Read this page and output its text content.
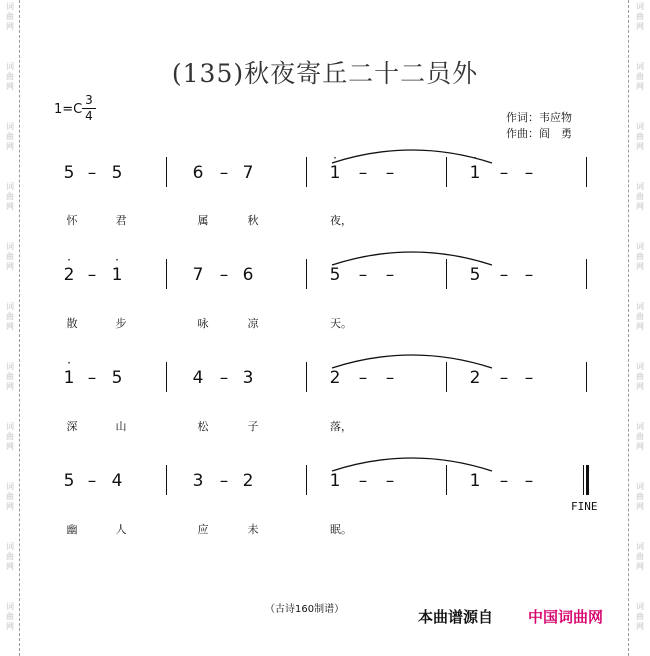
词
曲
网
词
曲
网
词
曲
网
词
曲
网
词
曲
网
词
曲
网
词
曲
网
词
曲
网
词
曲
网
词
曲
网
词
曲
网
词
曲
网
词
曲
网
词
曲
网
词
曲
网
词
曲
网
词
曲
网
词
曲
网
词
曲
网
词
曲
网
词
曲
网
词
曲
网
(135)秋夜寄丘二十二员外
1=C
3
4	作词：韦应物
作曲：阎　勇
5 – 5	6 – 7	1
·
– –	1
·
– –
怀	君	属	秋	夜，
2
·
– 1
·
7 – 6	5 – –	5 – –
散	步	咏	凉	天。
1
·
– 5	4 – 3	2 – –	2 – –
深	山	松	子	落，
5 – 4	3 – 2	1 – –	1 – –
幽	人	应	未	眠。
FINE
（古诗160制谱）	本曲谱源自 中国词曲网
